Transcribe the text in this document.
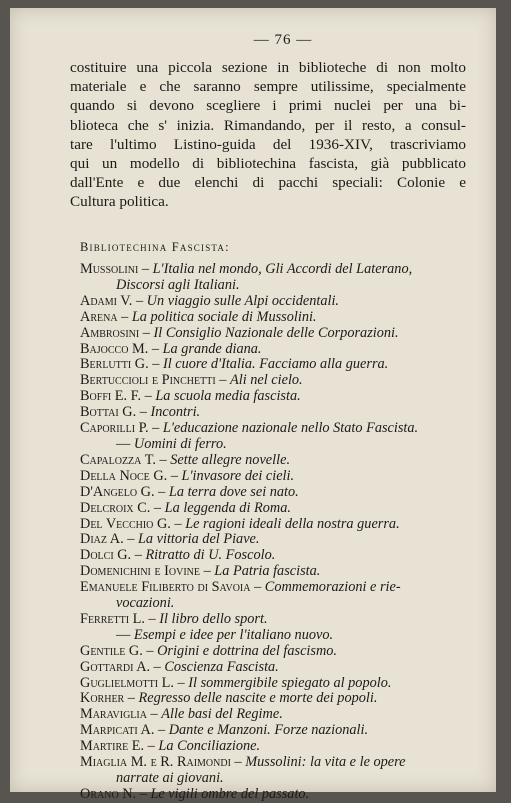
— 76 —

costituire una piccola sezione in biblioteche di non molto
materiale e che saranno sempre utilissime, specialmente
quando si devono scegliere i primi nuclei per una bi-
blioteca che s' inizia. Rimandando, per il resto, a consul-
tare l'ultimo Listino-guida del 1936-XIV, trascriviamo
qui un modello di bibliotechina fascista, già pubblicato
dall'Ente e due elenchi di pacchi speciali: Colonie e
Cultura politica.

Bibliotechina Fascista:
Mussolini – L'Italia nel mondo, Gli Accordi del Laterano,
Discorsi agli Italiani.
Adami V. – Un viaggio sulle Alpi occidentali.
Arena – La politica sociale di Mussolini.
Ambrosini – Il Consiglio Nazionale delle Corporazioni.
Bajocco M. – La grande diana.
Berlutti G. – Il cuore d'Italia. Facciamo alla guerra.
Bertuccioli e Pinchetti – Ali nel cielo.
Boffi E. F. – La scuola media fascista.
Bottai G. – Incontri.
Caporilli P. – L'educazione nazionale nello Stato Fascista.
— Uomini di ferro.
Capalozza T. – Sette allegre novelle.
Della Noce G. – L'invasore dei cieli.
D'Angelo G. – La terra dove sei nato.
Delcroix C. – La leggenda di Roma.
Del Vecchio G. – Le ragioni ideali della nostra guerra.
Diaz A. – La vittoria del Piave.
Dolci G. – Ritratto di U. Foscolo.
Domenichini e Iovine – La Patria fascista.
Emanuele Filiberto di Savoia – Commemorazioni e rie-
vocazioni.
Ferretti L. – Il libro dello sport.
— Esempi e idee per l'italiano nuovo.
Gentile G. – Origini e dottrina del fascismo.
Gottardi A. – Coscienza Fascista.
Guglielmotti L. – Il sommergibile spiegato al popolo.
Korher – Regresso delle nascite e morte dei popoli.
Maraviglia – Alle basi del Regime.
Marpicati A. – Dante e Manzoni. Forze nazionali.
Martire E. – La Conciliazione.
Miaglia M. e R. Raimondi – Mussolini: la vita e le opere
narrate ai giovani.
Orano N. – Le vigili ombre del passato.
